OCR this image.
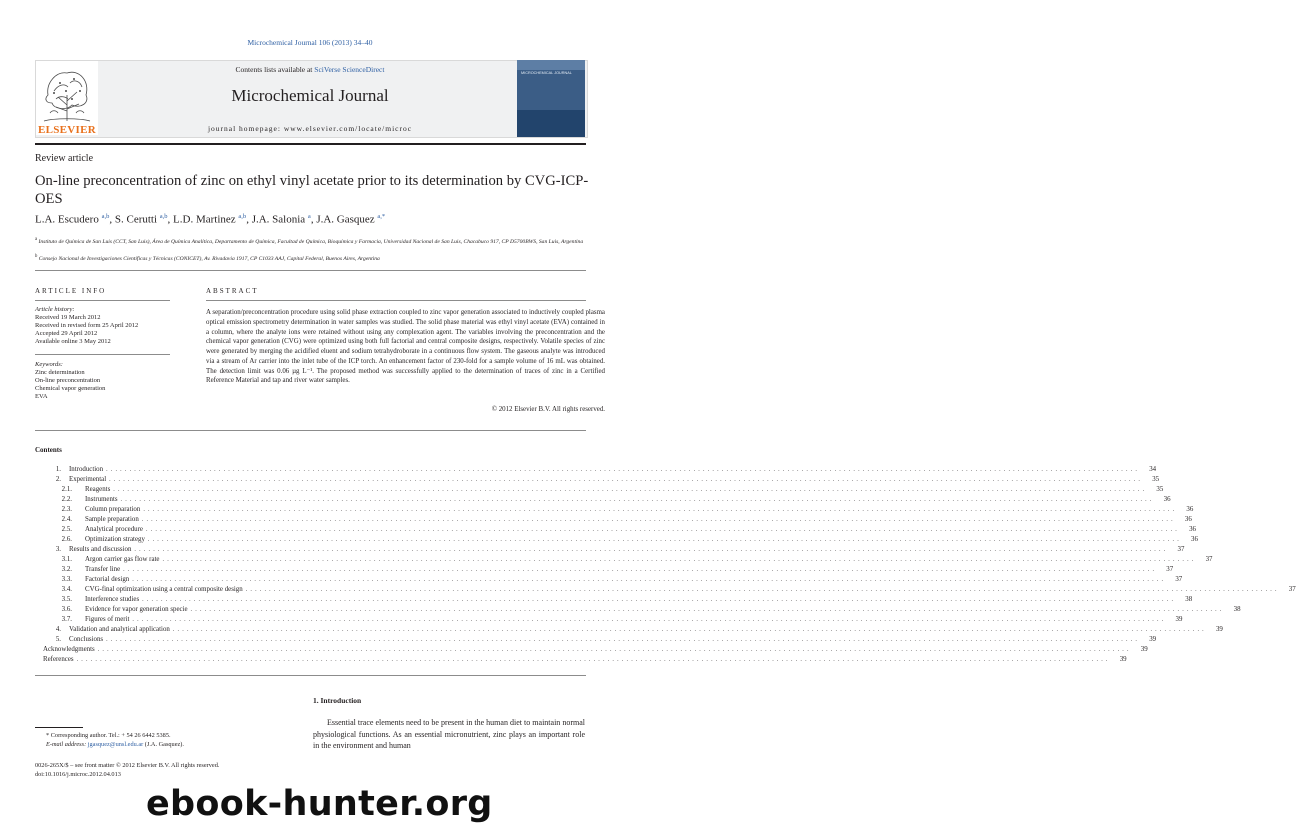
Microchemical Journal 106 (2013) 34–40
ELSEVIER
Contents lists available at SciVerse ScienceDirect
Microchemical Journal
journal homepage: www.elsevier.com/locate/microc
MICROCHEMICAL JOURNAL
Review article
On-line preconcentration of zinc on ethyl vinyl acetate prior to its determination by CVG-ICP-OES
L.A. Escudero $^{a,b}$, S. Cerutti $^{a,b}$, L.D. Martinez $^{a,b}$, J.A. Salonia $^a$, J.A. Gasquez $^{a,*}$
$^a$ Instituto de Química de San Luis (CCT, San Luis), Área de Química Analítica, Departamento de Química, Facultad de Química, Bioquímica y Farmacia, Universidad Nacional de San Luis, Chacabuco 917, CP D5700BWS, San Luis, Argentina
$^b$ Consejo Nacional de Investigaciones Científicas y Técnicas (CONICET), Av. Rivadavia 1917, CP C1033 AAJ, Capital Federal, Buenos Aires, Argentina
ARTICLE INFO
Article history:
Received 19 March 2012
Received in revised form 25 April 2012
Accepted 29 April 2012
Available online 3 May 2012
Keywords:
Zinc determination
On-line preconcentration
Chemical vapor generation
EVA
ABSTRACT
A separation/preconcentration procedure using solid phase extraction coupled to zinc vapor generation associated to inductively coupled plasma optical emission spectrometry determination in water samples was studied. The solid phase material was ethyl vinyl acetate (EVA) contained in a column, where the analyte ions were retained without using any complexation agent. The variables involving the preconcentration and the chemical vapor generation (CVG) were optimized using both full factorial and central composite designs, respectively. Volatile species of zinc were generated by merging the acidified eluent and sodium tetrahydroborate in a continuous flow system. The gaseous analyte was introduced via a stream of Ar carrier into the inlet tube of the ICP torch. An enhancement factor of 230-fold for a sample volume of 16 mL was obtained. The detection limit was 0.06 µg L⁻¹. The proposed method was successfully applied to the determination of traces of zinc in a Certified Reference Material and tap and river water samples.
© 2012 Elsevier B.V. All rights reserved.
Contents
1.	Introduction ............................................................................................................................................................................................................................	34
2.	Experimental ............................................................................................................................................................................................................................	35
2.1.	Reagents ............................................................................................................................................................................................................................	35
2.2.	Instruments ............................................................................................................................................................................................................................	36
2.3.	Column preparation ............................................................................................................................................................................................................................	36
2.4.	Sample preparation ............................................................................................................................................................................................................................	36
2.5.	Analytical procedure ............................................................................................................................................................................................................................	36
2.6.	Optimization strategy ............................................................................................................................................................................................................................	36
3.	Results and discussion ............................................................................................................................................................................................................................	37
3.1.	Argon carrier gas flow rate ............................................................................................................................................................................................................................	37
3.2.	Transfer line ............................................................................................................................................................................................................................	37
3.3.	Factorial design ............................................................................................................................................................................................................................	37
3.4.	CVG-final optimization using a central composite design ............................................................................................................................................................................................................................	37
3.5.	Interference studies ............................................................................................................................................................................................................................	38
3.6.	Evidence for vapor generation specie ............................................................................................................................................................................................................................	38
3.7.	Figures of merit ............................................................................................................................................................................................................................	39
4.	Validation and analytical application ............................................................................................................................................................................................................................	39
5.	Conclusions ............................................................................................................................................................................................................................	39
Acknowledgments ............................................................................................................................................................................................................................	39
References ............................................................................................................................................................................................................................	39
1. Introduction
Essential trace elements need to be present in the human diet to maintain normal physiological functions. As an essential micronutrient, zinc plays an important role in the environment and human
* Corresponding author. Tel.: + 54 26 6442 5385.
E-mail address: jgasquez@unsl.edu.ar (J.A. Gasquez).
0026-265X/$ – see front matter © 2012 Elsevier B.V. All rights reserved.
doi:10.1016/j.microc.2012.04.013
ebook-hunter.org
